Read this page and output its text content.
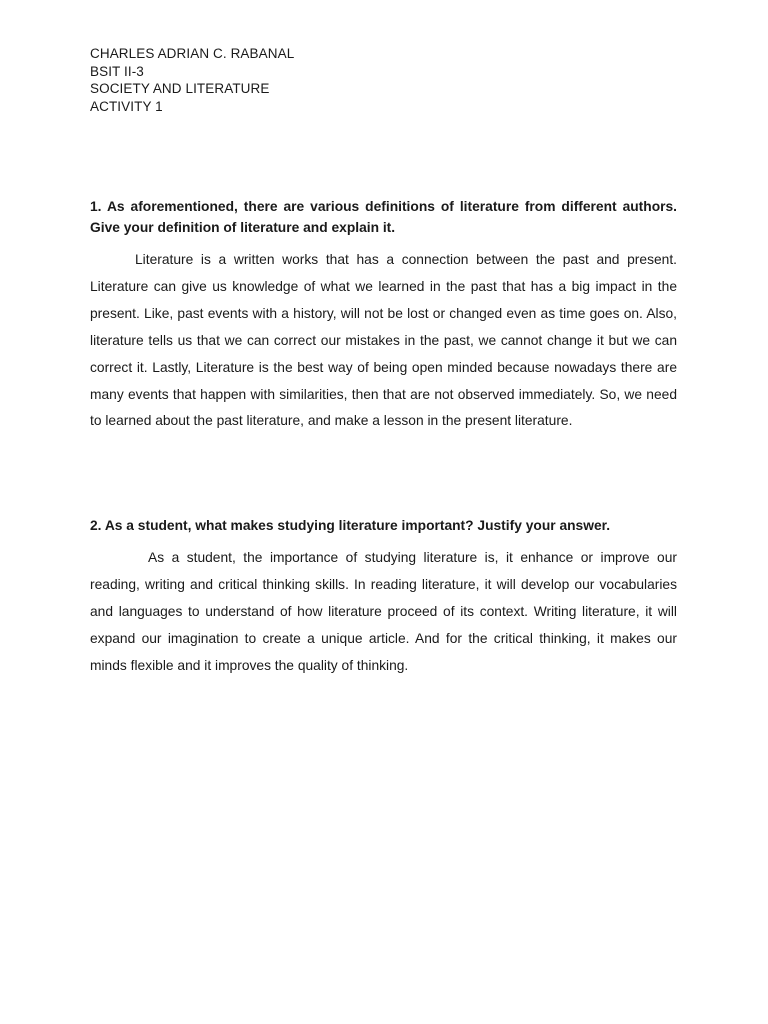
CHARLES ADRIAN C. RABANAL
BSIT II-3
SOCIETY AND LITERATURE
ACTIVITY 1
1. As aforementioned, there are various definitions of literature from different authors. Give your definition of literature and explain it.

Literature is a written works that has a connection between the past and present. Literature can give us knowledge of what we learned in the past that has a big impact in the present. Like, past events with a history, will not be lost or changed even as time goes on. Also, literature tells us that we can correct our mistakes in the past, we cannot change it but we can correct it. Lastly, Literature is the best way of being open minded because nowadays there are many events that happen with similarities, then that are not observed immediately. So, we need to learned about the past literature, and make a lesson in the present literature.

2. As a student, what makes studying literature important? Justify your answer.

As a student, the importance of studying literature is, it enhance or improve our reading, writing and critical thinking skills. In reading literature, it will develop our vocabularies and languages to understand of how literature proceed of its context. Writing literature, it will expand our imagination to create a unique article. And for the critical thinking, it makes our minds flexible and it improves the quality of thinking.
